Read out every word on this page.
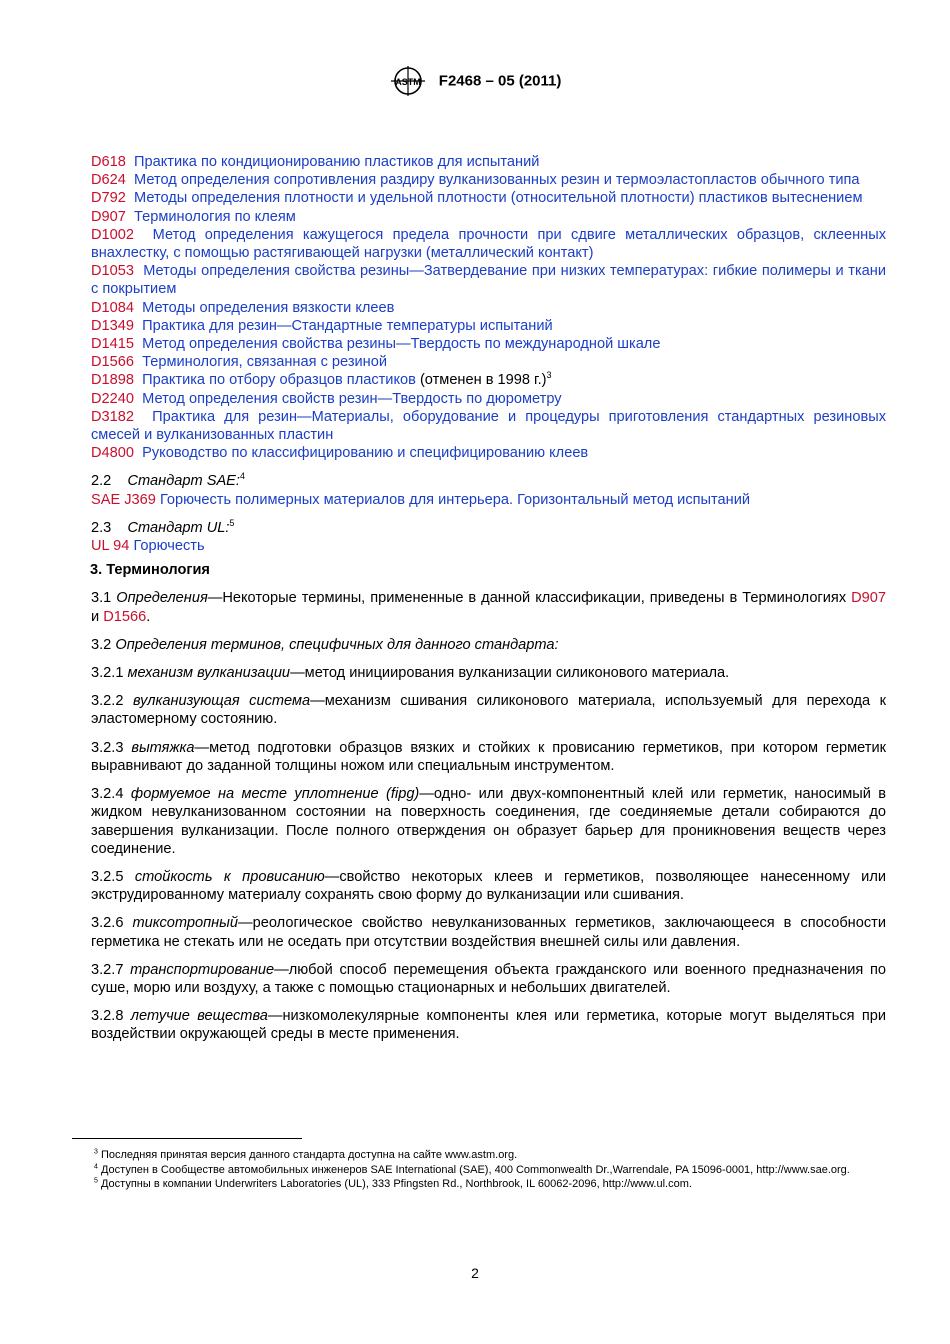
ASTM F2468 – 05 (2011)
D618 Практика по кондиционированию пластиков для испытаний
D624 Метод определения сопротивления раздиру вулканизованных резин и термоэластопластов обычного типа
D792 Методы определения плотности и удельной плотности (относительной плотности) пластиков вытеснением
D907 Терминология по клеям
D1002 Метод определения кажущегося предела прочности при сдвиге металлических образцов, склеенных внахлестку, с помощью растягивающей нагрузки (металлический контакт)
D1053 Методы определения свойства резины—Затвердевание при низких температурах: гибкие полимеры и ткани с покрытием
D1084 Методы определения вязкости клеев
D1349 Практика для резин—Стандартные температуры испытаний
D1415 Метод определения свойства резины—Твердость по международной шкале
D1566 Терминология, связанная с резиной
D1898 Практика по отбору образцов пластиков (отменен в 1998 г.)$^3$
D2240 Метод определения свойств резин—Твердость по дюрометру
D3182 Практика для резин—Материалы, оборудование и процедуры приготовления стандартных резиновых смесей и вулканизованных пластин
D4800 Руководство по классифицированию и специфицированию клеев
2.2 Стандарт SAE:$^4$
SAE J369 Горючесть полимерных материалов для интерьера. Горизонтальный метод испытаний
2.3 Стандарт UL:$^5$
UL 94 Горючесть
3. Терминология
3.1 Определения—Некоторые термины, примененные в данной классификации, приведены в Терминологиях D907 и D1566.
3.2 Определения терминов, специфичных для данного стандарта:
3.2.1 механизм вулканизации—метод инициирования вулканизации силиконового материала.
3.2.2 вулканизующая система—механизм сшивания силиконового материала, используемый для перехода к эластомерному состоянию.
3.2.3 вытяжка—метод подготовки образцов вязких и стойких к провисанию герметиков, при котором герметик выравнивают до заданной толщины ножом или специальным инструментом.
3.2.4 формуемое на месте уплотнение (fipg)—одно- или двух-компонентный клей или герметик, наносимый в жидком невулканизованном состоянии на поверхность соединения, где соединяемые детали собираются до завершения вулканизации. После полного отверждения он образует барьер для проникновения веществ через соединение.
3.2.5 стойкость к провисанию—свойство некоторых клеев и герметиков, позволяющее нанесенному или экструдированному материалу сохранять свою форму до вулканизации или сшивания.
3.2.6 тиксотропный—реологическое свойство невулканизованных герметиков, заключающееся в способности герметика не стекать или не оседать при отсутствии воздействия внешней силы или давления.
3.2.7 транспортирование—любой способ перемещения объекта гражданского или военного предназначения по суше, морю или воздуху, а также с помощью стационарных и небольших двигателей.
3.2.8 летучие вещества—низкомолекулярные компоненты клея или герметика, которые могут выделяться при воздействии окружающей среды в месте применения.
$^3$ Последняя принятая версия данного стандарта доступна на сайте www.astm.org.
$^4$ Доступен в Сообществе автомобильных инженеров SAE International (SAE), 400 Commonwealth Dr.,Warrendale, PA 15096-0001, http://www.sae.org.
$^5$ Доступны в компании Underwriters Laboratories (UL), 333 Pfingsten Rd., Northbrook, IL 60062-2096, http://www.ul.com.
2
